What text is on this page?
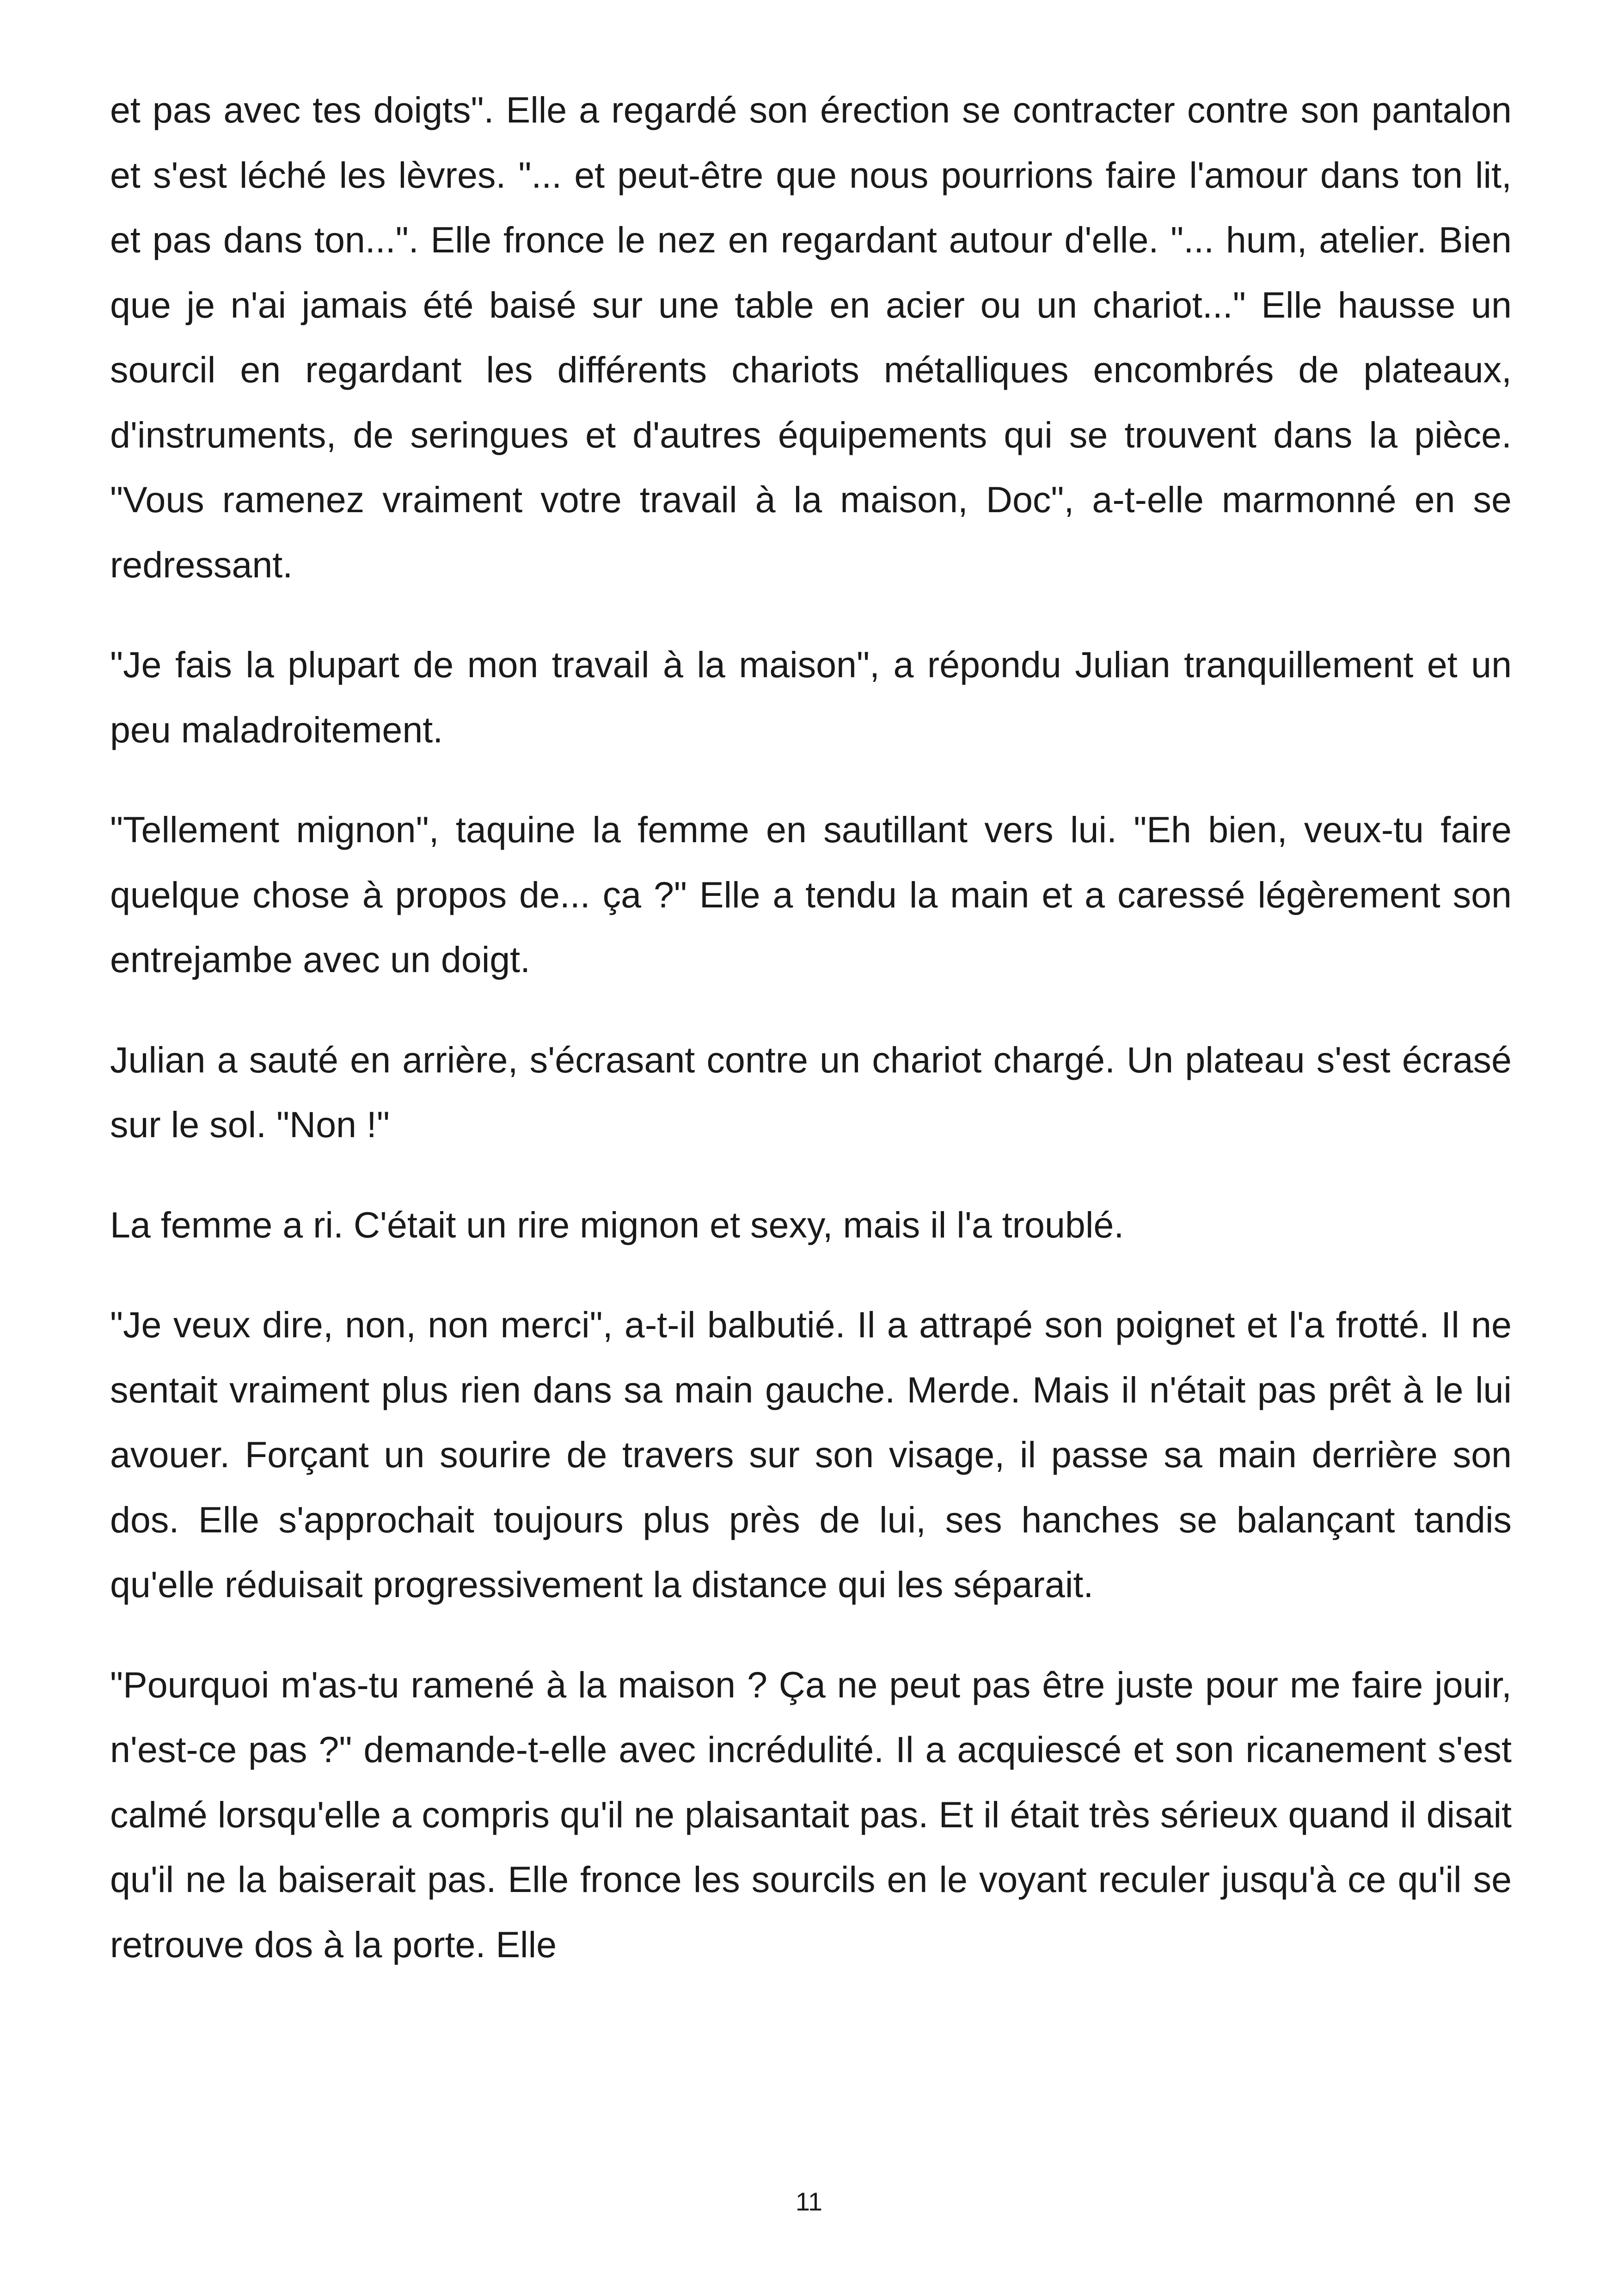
et pas avec tes doigts". Elle a regardé son érection se contracter contre son pantalon et s'est léché les lèvres. "... et peut-être que nous pourrions faire l'amour dans ton lit, et pas dans ton...". Elle fronce le nez en regardant autour d'elle. "... hum, atelier. Bien que je n'ai jamais été baisé sur une table en acier ou un chariot..." Elle hausse un sourcil en regardant les différents chariots métalliques encombrés de plateaux, d'instruments, de seringues et d'autres équipements qui se trouvent dans la pièce. "Vous ramenez vraiment votre travail à la maison, Doc", a-t-elle marmonné en se redressant.

"Je fais la plupart de mon travail à la maison", a répondu Julian tranquillement et un peu maladroitement.

"Tellement mignon", taquine la femme en sautillant vers lui. "Eh bien, veux-tu faire quelque chose à propos de... ça ?" Elle a tendu la main et a caressé légèrement son entrejambe avec un doigt.

Julian a sauté en arrière, s'écrasant contre un chariot chargé. Un plateau s'est écrasé sur le sol. "Non !"

La femme a ri. C'était un rire mignon et sexy, mais il l'a troublé.

"Je veux dire, non, non merci", a-t-il balbutié. Il a attrapé son poignet et l'a frotté. Il ne sentait vraiment plus rien dans sa main gauche. Merde. Mais il n'était pas prêt à le lui avouer. Forçant un sourire de travers sur son visage, il passe sa main derrière son dos. Elle s'approchait toujours plus près de lui, ses hanches se balançant tandis qu'elle réduisait progressivement la distance qui les séparait.

"Pourquoi m'as-tu ramené à la maison ? Ça ne peut pas être juste pour me faire jouir, n'est-ce pas ?" demande-t-elle avec incrédulité. Il a acquiescé et son ricanement s'est calmé lorsqu'elle a compris qu'il ne plaisantait pas. Et il était très sérieux quand il disait qu'il ne la baiserait pas. Elle fronce les sourcils en le voyant reculer jusqu'à ce qu'il se retrouve dos à la porte. Elle

11
